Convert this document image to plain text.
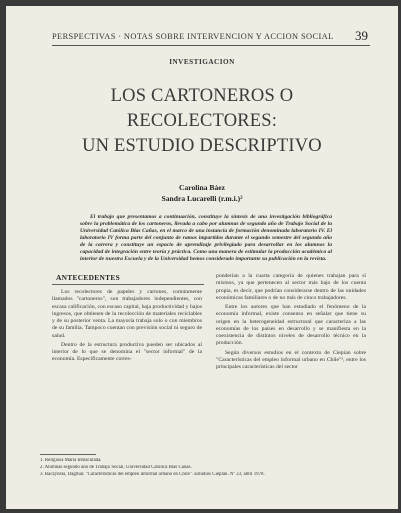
PERSPECTIVAS · NOTAS SOBRE INTERVENCION Y ACCION SOCIAL	39
INVESTIGACION
LOS CARTONEROS O
RECOLECTORES:
UN ESTUDIO DESCRIPTIVO
Carolina Báez
Sandra Lucarelli (r.m.i.)²
El trabajo que presentamos a continuación, constituye la síntesis de una investigación bibliográfica sobre la problemática de los cartoneros, llevada a cabo por alumnas de segundo año de Trabajo Social de la Universidad Católica Blas Cañas, en el marco de una instancia de formación denominada laboratorio IV. El laboratorio IV forma parte del conjunto de ramos impartidos durante el segundo semestre del segundo año de la carrera y constituye un espacio de aprendizaje privilegiado para desarrollar en los alumnos la capacidad de integración entre teoría y práctica. Como una manera de estimular la producción académica al interior de nuestra Escuela y de la Universidad hemos considerado importante su publicación en la revista.
ANTECEDENTES

Los recolectores de papeles y cartones, comúnmente llamados "cartoneros", son trabajadores independientes, con escasa calificación, con escaso capital, baja productividad y bajos ingresos, que obtienen de la recolección de materiales reciclables y de su posterior venta. La mayoría trabaja solo o con miembros de su familia. Tampoco cuentan con previsión social ni seguro de salud.

Dentro de la estructura productiva pueden ser ubicados al interior de lo que se denomina el "sector informal" de la economía. Específicamente corres-

ponderían a la cuarta categoría de quienes trabajan para sí mismos, ya que pertenecen al sector más bajo de los cuenta propia, es decir, que podrían considerarse dentro de las unidades económicas familiares o de no más de cinco trabajadores.

Entre los autores que han estudiado el fenómeno de la economía informal, existe consenso en señalar que tiene su origen en la heterogeneidad estructural que caracteriza a las economías de los países en desarrollo y se manifiesta en la coexistencia de distintos niveles de desarrollo técnico en la producción.

Según diversos estudios en el contexto de Ciepian sobre "Características del empleo informal urbano en Chile"³, entre los principales características del sector

1. Religiosa María Inmaculada.
2. Alumnas segundo año de Trabajo Social, Universidad Católica Blas Cañas.
3. Raczynski, Dagmar. "Características del empleo informal urbano en Chile". Estudios Cieplan. Nº 23, abril 1978.
